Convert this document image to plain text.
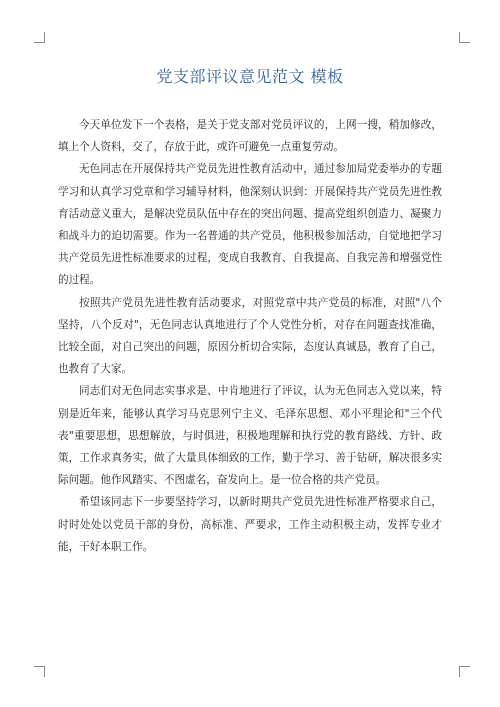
党支部评议意见范文 模板

今天单位发下一个表格，是关于党支部对党员评议的，上网一搜，稍加修改，填上个人资料，交了，存放于此，或许可避免一点重复劳动。

无色同志在开展保持共产党员先进性教育活动中，通过参加局党委举办的专题学习和认真学习党章和学习辅导材料，他深刻认识到：开展保持共产党员先进性教育活动意义重大，是解决党员队伍中存在的突出问题、提高党组织创造力、凝聚力和战斗力的迫切需要。作为一名普通的共产党员，他积极参加活动，自觉地把学习共产党员先进性标准要求的过程，变成自我教育、自我提高、自我完善和增强党性的过程。

按照共产党员先进性教育活动要求，对照党章中共产党员的标准，对照"八个坚持，八个反对"，无色同志认真地进行了个人党性分析，对存在问题查找准确，比较全面，对自己突出的问题，原因分析切合实际，态度认真诚恳，教育了自己，也教育了大家。

同志们对无色同志实事求是、中肯地进行了评议，认为无色同志入党以来，特别是近年来，能够认真学习马克思列宁主义、毛泽东思想、邓小平理论和"三个代表"重要思想，思想解放，与时俱进，积极地理解和执行党的教育路线、方针、政策，工作求真务实，做了大量具体细致的工作，勤于学习、善于钻研，解决很多实际问题。他作风踏实、不图虚名，奋发向上。是一位合格的共产党员。

希望该同志下一步要坚持学习，以新时期共产党员先进性标准严格要求自己，时时处处以党员干部的身份，高标准、严要求，工作主动积极主动，发挥专业才能，干好本职工作。
